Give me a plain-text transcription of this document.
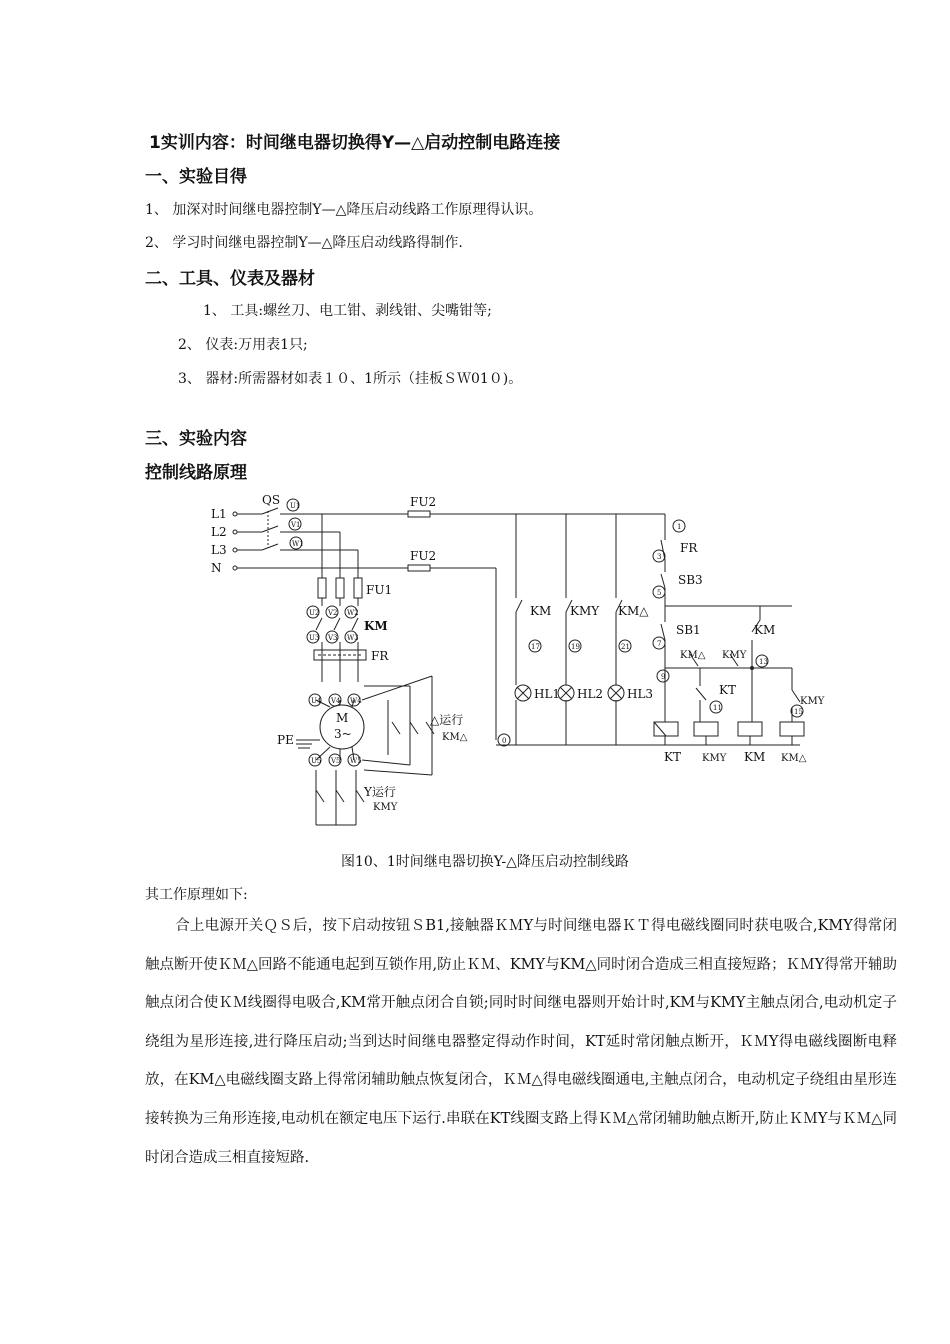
1实训内容：时间继电器切换得Y—△启动控制电路连接
一、实验目得
1、 加深对时间继电器控制Y—△降压启动线路工作原理得认识。
2、 学习时间继电器控制Y—△降压启动线路得制作.
二、工具、仪表及器材
1、 工具:螺丝刀、电工钳、剥线钳、尖嘴钳等;
2、 仪表:万用表1只;
3、 器材:所需器材如表１０、1所示（挂板ＳＷ01０)。
三、实验内容
控制线路原理
L1
L2
L3
N
QS	FU2
FU2
FU1
KM
FR
PE
M
3~
△运行
KM△
Y运行
KMY
0
U1
V1
W1
U2 V2 W2
U3 V3 W3
U4 V4 W4
U5 V5 W5
KM KMY KM△
17	19	21
HL1 HL2 HL3
1
3
5
7
9
11
13
15
FR
SB3
SB1	KM
KM△ KMY
KT
KMY
KT KMY KM KM△
图10、1时间继电器切换Y-△降压启动控制线路
其工作原理如下:
合上电源开关ＱＳ后，按下启动按钮ＳB1,接触器ＫＭY与时间继电器ＫＴ得电磁线圈同时获电吸合,KMY得常闭触点断开使ＫＭ△回路不能通电起到互锁作用,防止ＫＭ、KMY与KM△同时闭合造成三相直接短路；ＫＭY得常开辅助触点闭合使ＫＭ线圈得电吸合,KM常开触点闭合自锁;同时时间继电器则开始计时,KM与KMY主触点闭合,电动机定子绕组为星形连接,进行降压启动;当到达时间继电器整定得动作时间，KT延时常闭触点断开，ＫＭY得电磁线圈断电释放，在KM△电磁线圈支路上得常闭辅助触点恢复闭合，ＫＭ△得电磁线圈通电,主触点闭合，电动机定子绕组由星形连接转换为三角形连接,电动机在额定电压下运行.串联在KT线圈支路上得ＫＭ△常闭辅助触点断开,防止ＫＭY与ＫＭ△同时闭合造成三相直接短路.
